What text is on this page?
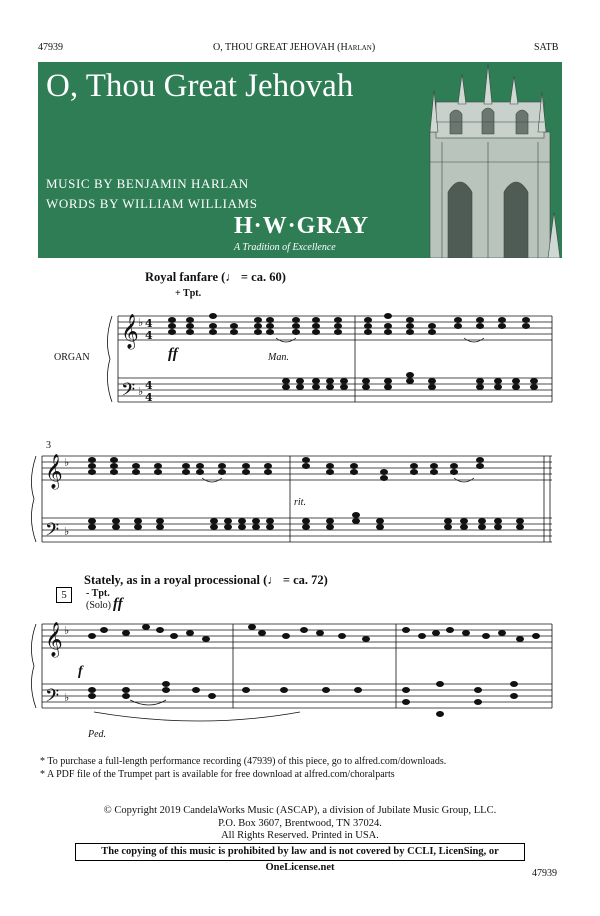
47939	O, THOU GREAT JEHOVAH (Harlan)	SATB
O, Thou Great Jehovah
MUSIC BY BENJAMIN HARLAN
WORDS BY WILLIAM WILLIAMS
H·W·GRAY
A Tradition of Excellence
𝄞
𝄢
4
4
4
4
♭
♭
𝄞
𝄢
♭
♭
𝄞
𝄢
♭
♭
Royal fanfare (♩ = ca. 60)
+ Tpt.
ORGAN	ff	Man.
3
rit.
5
Stately, as in a royal processional (♩ = ca. 72)
- Tpt.
(Solo) ff
f
Ped.
* To purchase a full-length performance recording (47939) of this piece, go to alfred.com/downloads.
* A PDF file of the Trumpet part is available for free download at alfred.com/choralparts
© Copyright 2019 CandelaWorks Music (ASCAP), a division of Jubilate Music Group, LLC.
P.O. Box 3607, Brentwood, TN 37024.
All Rights Reserved. Printed in USA.
The copying of this music is prohibited by law and is not covered by CCLI, LicenSing, or OneLicense.net
47939
